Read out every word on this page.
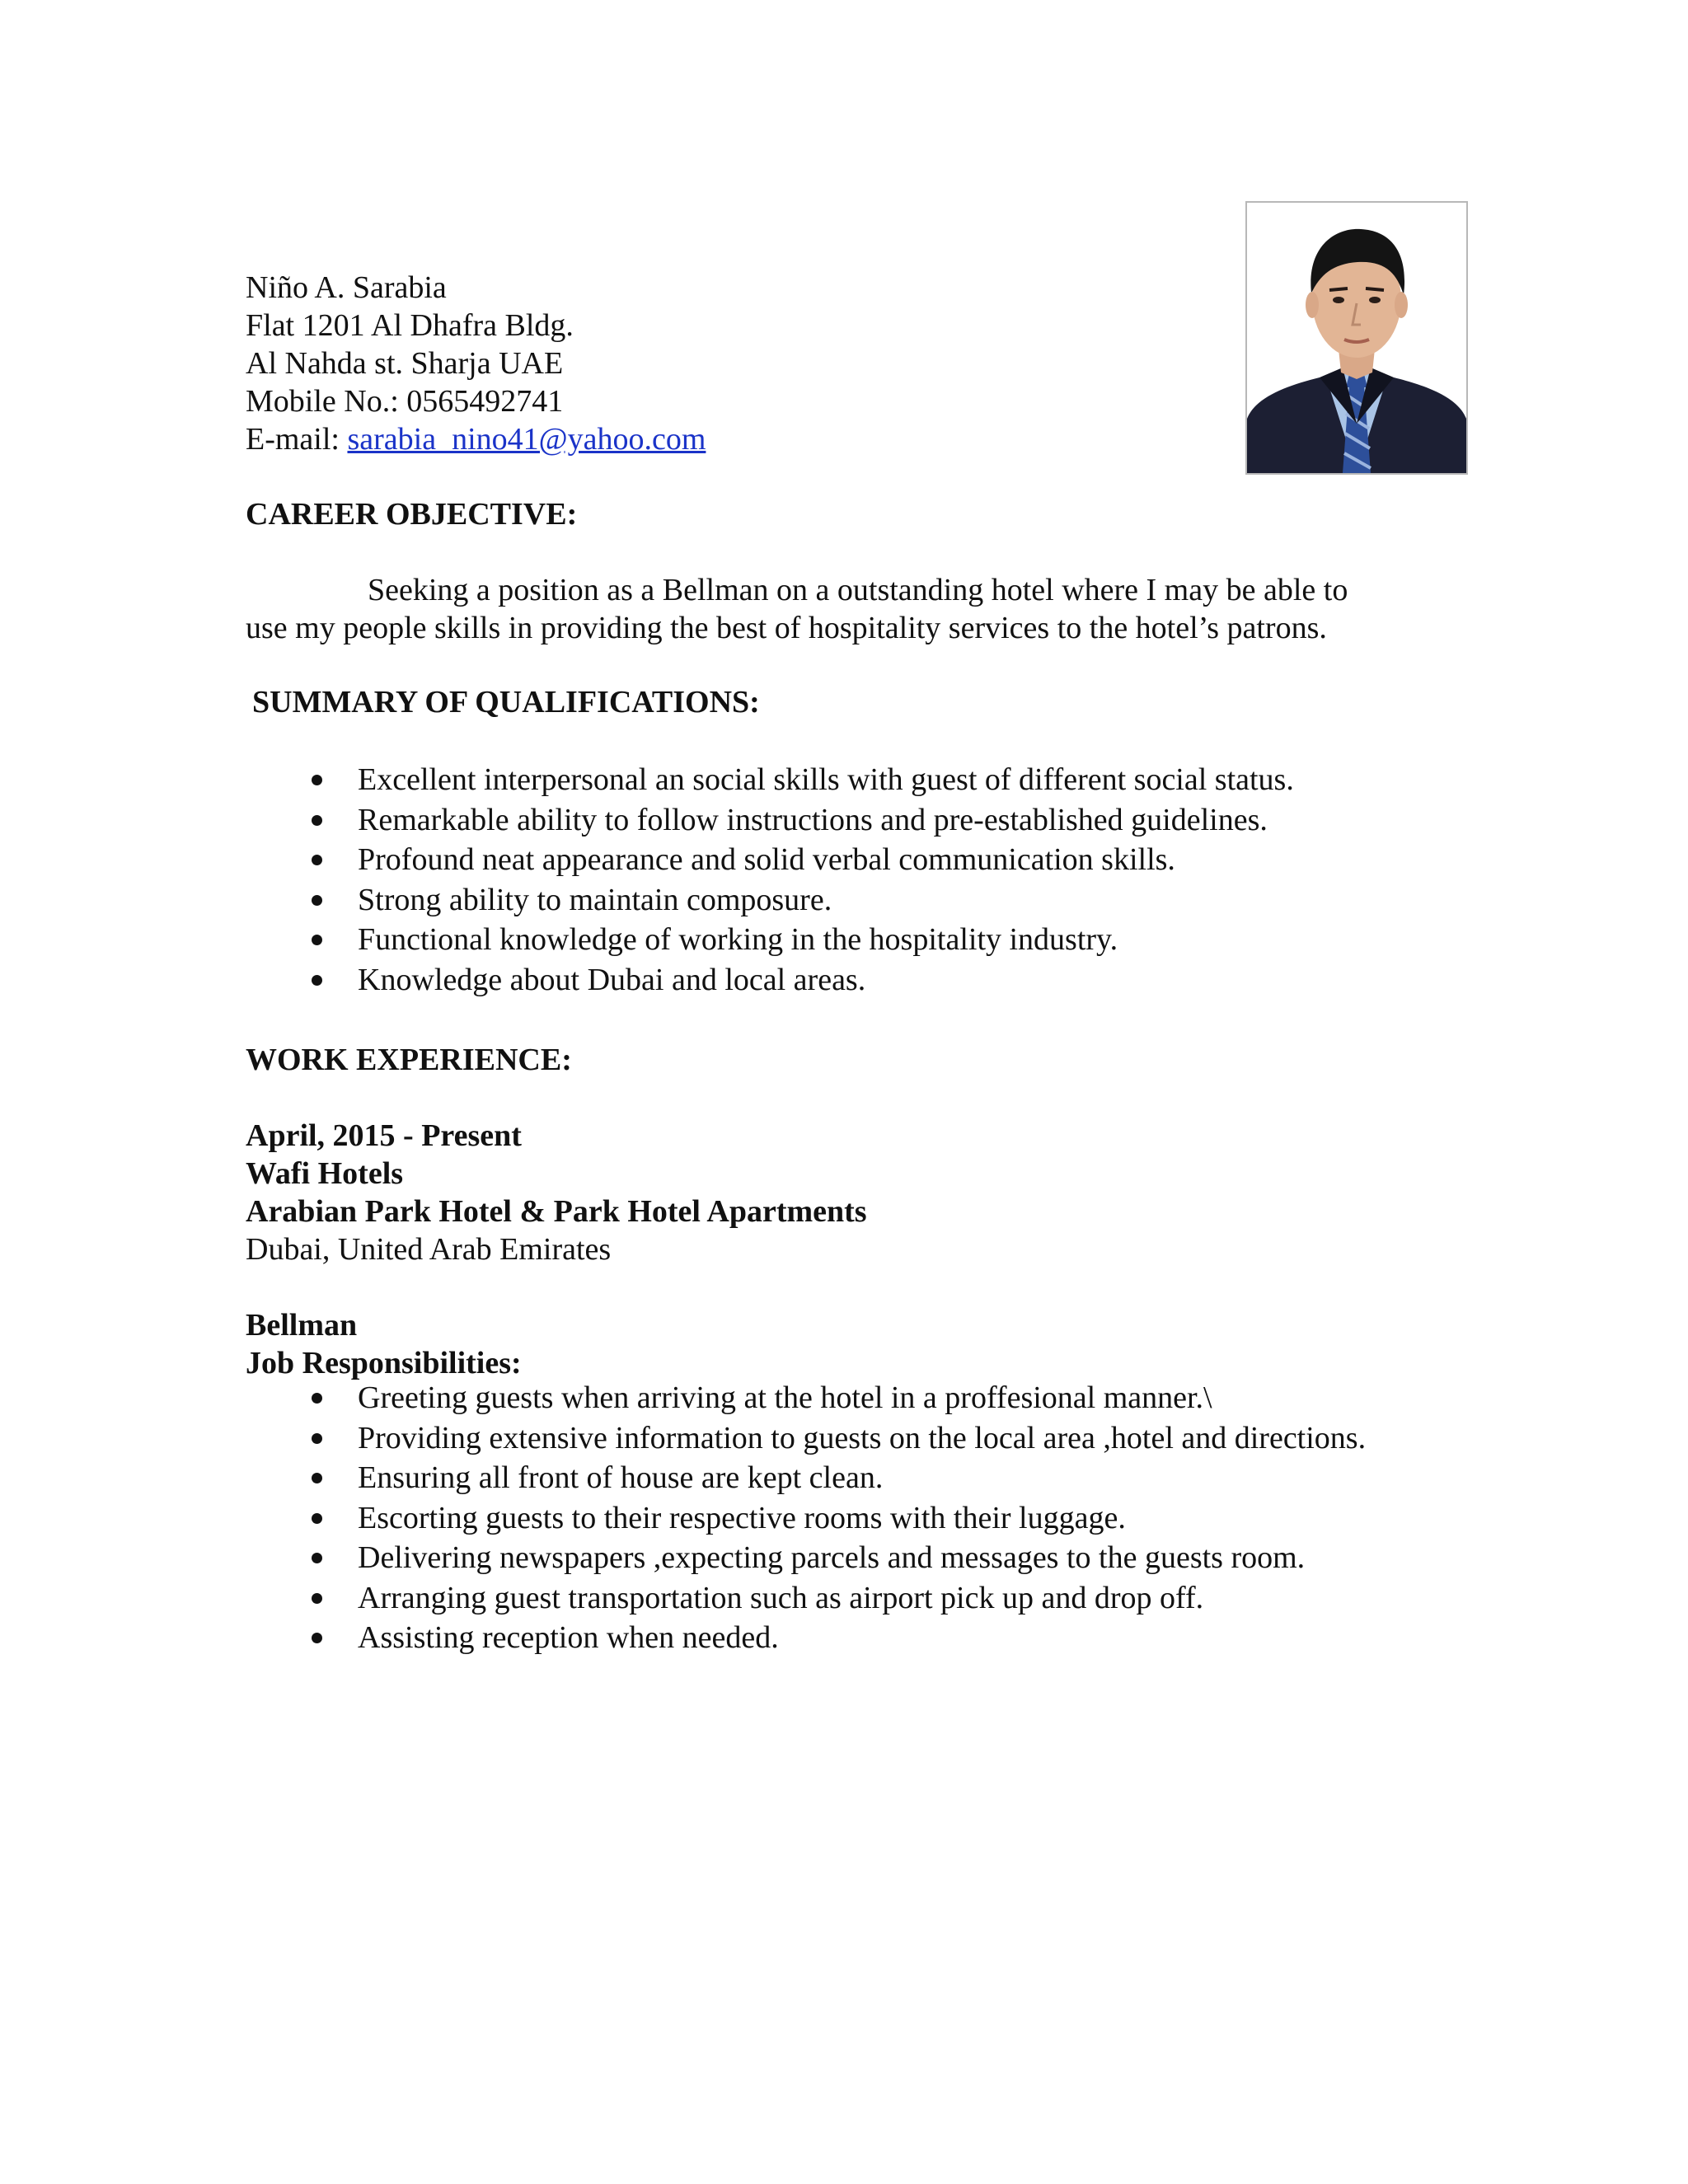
Niño A. Sarabia
Flat 1201 Al Dhafra Bldg.
Al Nahda st. Sharja UAE
Mobile No.: 0565492741
E-mail: sarabia_nino41@yahoo.com
CAREER OBJECTIVE:
Seeking a position as a Bellman on a outstanding hotel where I may be able to
use my people skills in providing the best of hospitality services to the hotel’s patrons.
SUMMARY OF QUALIFICATIONS:
Excellent interpersonal an social skills with guest of different social status.
Remarkable ability to follow instructions and pre-established guidelines.
Profound neat appearance and solid verbal communication skills.
Strong ability to maintain composure.
Functional knowledge of working in the hospitality industry.
Knowledge about Dubai and local areas.
WORK EXPERIENCE:
April, 2015 - Present
Wafi Hotels
Arabian Park Hotel & Park Hotel Apartments
Dubai, United Arab Emirates
Bellman
Job Responsibilities:
Greeting guests when arriving at the hotel in a proffesional manner.\
Providing extensive information to guests on the local area ,hotel and directions.
Ensuring all front of house are kept clean.
Escorting guests to their respective rooms with their luggage.
Delivering newspapers ,expecting parcels and messages to the guests room.
Arranging guest transportation such as airport pick up and drop off.
Assisting reception when needed.
